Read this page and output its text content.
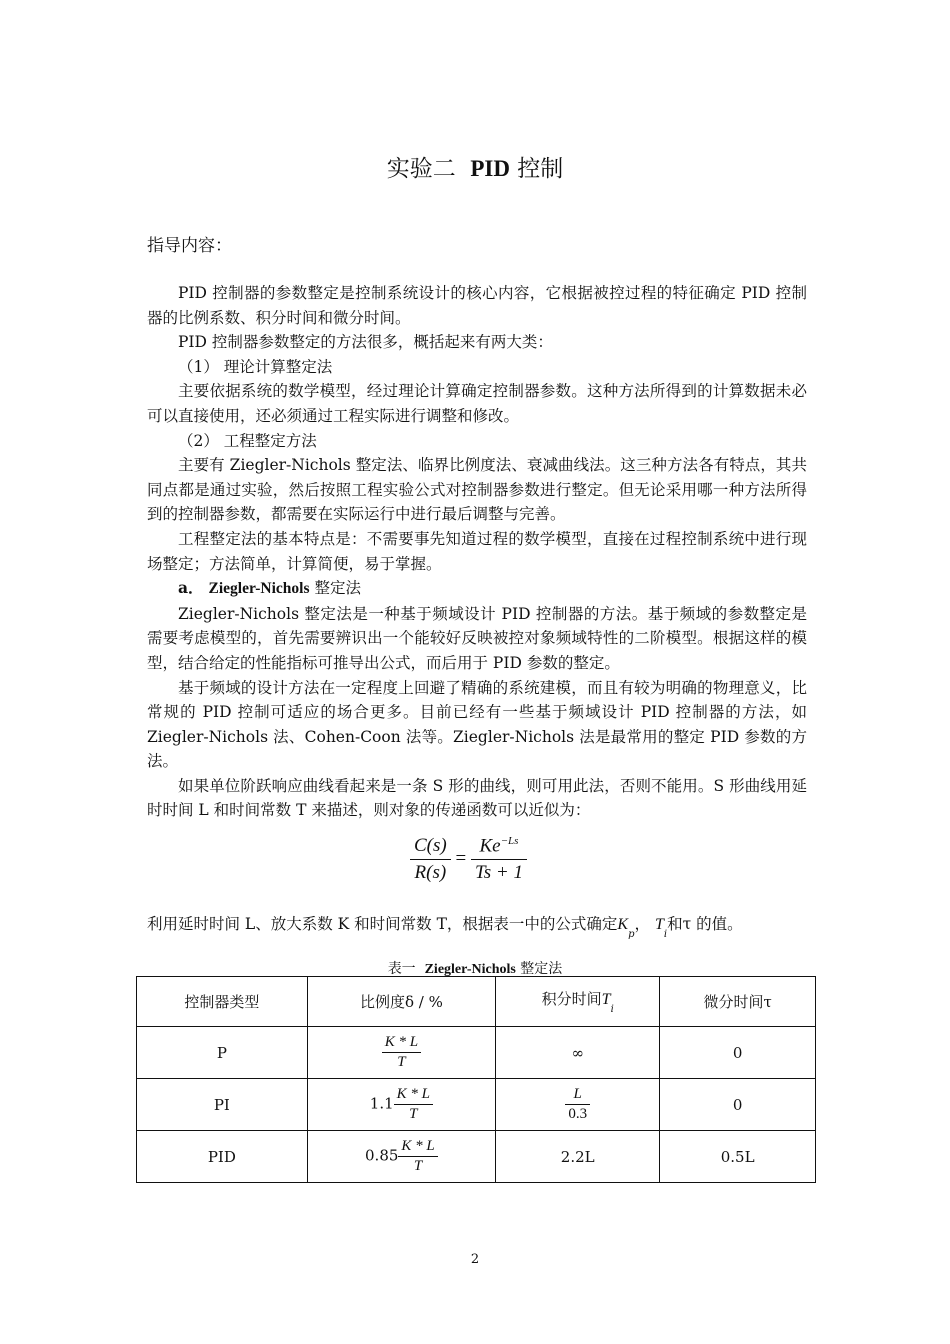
实验二 PID 控制
指导内容：

PID 控制器的参数整定是控制系统设计的核心内容，它根据被控过程的特征确定 PID 控制器的比例系数、积分时间和微分时间。

PID 控制器参数整定的方法很多，概括起来有两大类：

（1） 理论计算整定法

主要依据系统的数学模型，经过理论计算确定控制器参数。这种方法所得到的计算数据未必可以直接使用，还必须通过工程实际进行调整和修改。

（2） 工程整定方法

主要有 Ziegler-Nichols 整定法、临界比例度法、衰减曲线法。这三种方法各有特点，其共同点都是通过实验，然后按照工程实验公式对控制器参数进行整定。但无论采用哪一种方法所得到的控制器参数，都需要在实际运行中进行最后调整与完善。

工程整定法的基本特点是：不需要事先知道过程的数学模型，直接在过程控制系统中进行现场整定；方法简单，计算简便，易于掌握。

a． Ziegler-Nichols 整定法

Ziegler-Nichols 整定法是一种基于频域设计 PID 控制器的方法。基于频域的参数整定是需要考虑模型的，首先需要辨识出一个能较好反映被控对象频域特性的二阶模型。根据这样的模型，结合给定的性能指标可推导出公式，而后用于 PID 参数的整定。

基于频域的设计方法在一定程度上回避了精确的系统建模，而且有较为明确的物理意义，比常规的 PID 控制可适应的场合更多。目前已经有一些基于频域设计 PID 控制器的方法，如 Ziegler-Nichols 法、Cohen-Coon 法等。Ziegler-Nichols 法是最常用的整定 PID 参数的方法。

如果单位阶跃响应曲线看起来是一条 S 形的曲线，则可用此法，否则不能用。S 形曲线用延时时间 L 和时间常数 T 来描述，则对象的传递函数可以近似为：

$\frac{C(s)}{R(s)} = \frac{Ke^{-Ls}}{Ts + 1}$
利用延时时间 L、放大系数 K 和时间常数 T，根据表一中的公式确定$K_p$， $T_i$和τ 的值。
表一 Ziegler-Nichols 整定法
控制器类型	比例度δ / %	积分时间$T_i$	微分时间τ
P	$\frac{K * L}{T}$	∞	0
PI	$1.1 \frac{K * L}{T}$	$\frac{L}{0.3}$	0
PID	$0.85 \frac{K * L}{T}$	2.2L	0.5L
2
